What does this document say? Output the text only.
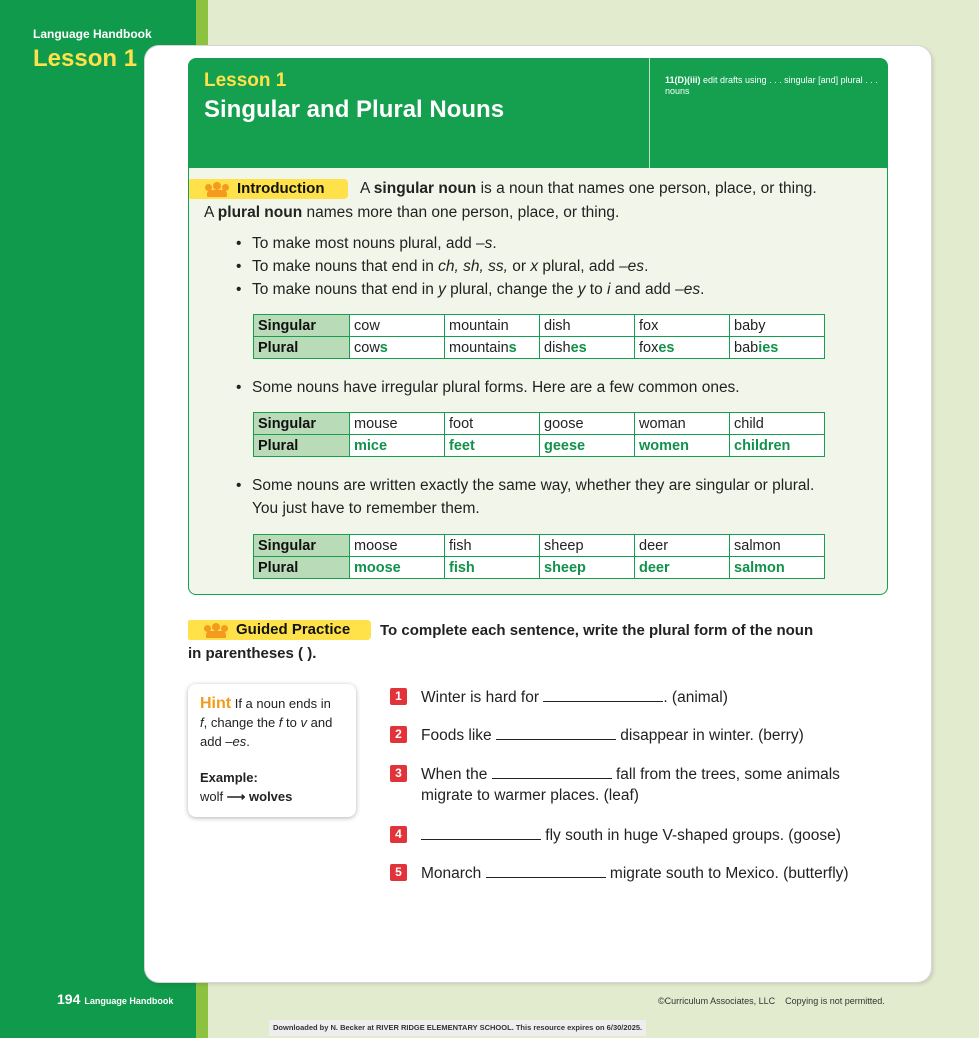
Language Handbook
Lesson 1
Lesson 1
Singular and Plural Nouns
11(D)(iii) edit drafts using . . . singular [and] plural . . . nouns
Introduction	A singular noun is a noun that names one person, place, or thing.
A plural noun names more than one person, place, or thing.
• To make most nouns plural, add –s.
• To make nouns that end in ch, sh, ss, or x plural, add –es.
• To make nouns that end in y plural, change the y to i and add –es.
Singular	cow	mountain	dish	fox	baby
Plural	cows	mountains	dishes	foxes	babies
• Some nouns have irregular plural forms. Here are a few common ones.
Singular	mouse	foot	goose	woman	child
Plural	mice	feet	geese	women	children
• Some nouns are written exactly the same way, whether they are singular or plural.
You just have to remember them.
Singular	moose	fish	sheep	deer	salmon
Plural	moose	fish	sheep	deer	salmon
Guided Practice	To complete each sentence, write the plural form of the noun
in parentheses ( ).
Hint If a noun ends in
f, change the f to v and
add –es.
Example:
wolf ⟶ wolves
1	Winter is hard for	. (animal)
2	Foods like	disappear in winter. (berry)
3	When the	fall from the trees, some animals
migrate to warmer places. (leaf)
4	fly south in huge V-shaped groups. (goose)
5	Monarch	migrate south to Mexico. (butterfly)
194 Language Handbook	©Curriculum Associates, LLC    Copying is not permitted.
Downloaded by N. Becker at RIVER RIDGE ELEMENTARY SCHOOL. This resource expires on 6/30/2025.
